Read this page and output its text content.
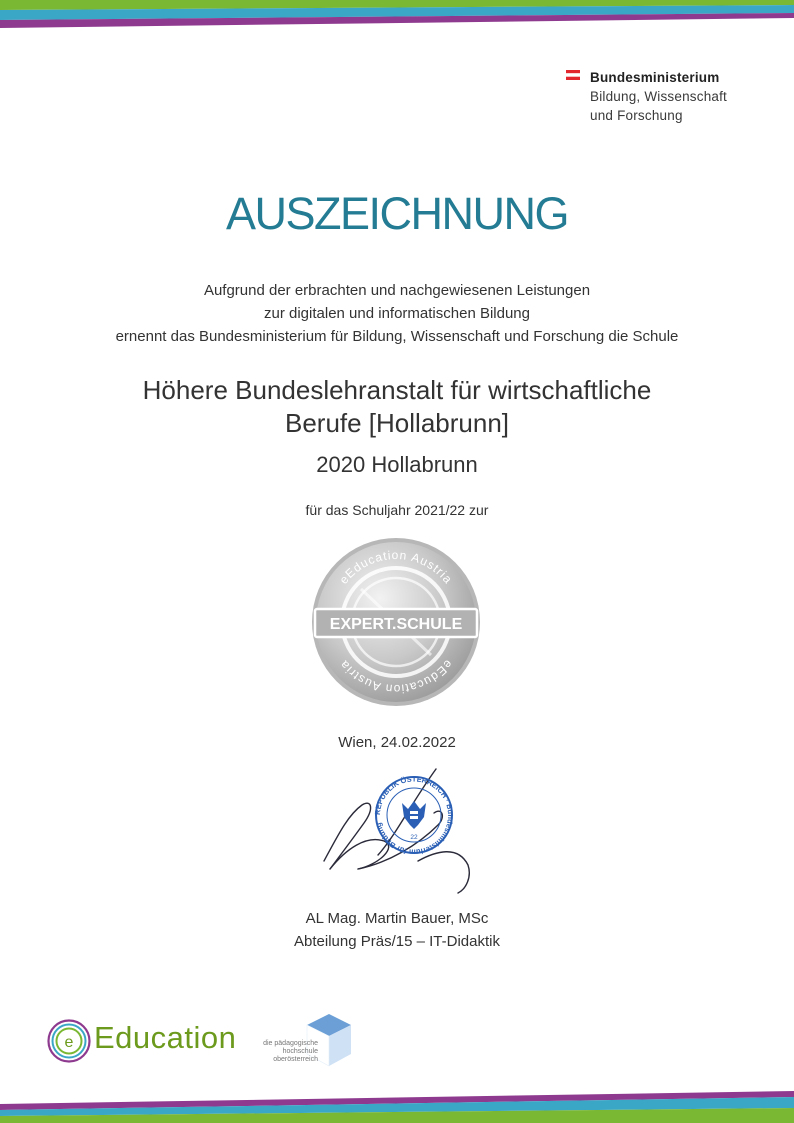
Bundesministerium
Bildung, Wissenschaft
und Forschung
AUSZEICHNUNG
Aufgrund der erbrachten und nachgewiesenen Leistungen
zur digitalen und informatischen Bildung
ernennt das Bundesministerium für Bildung, Wissenschaft und Forschung die Schule
Höhere Bundeslehranstalt für wirtschaftliche
Berufe [Hollabrunn]
2020 Hollabrunn
für das Schuljahr 2021/22 zur
eEducation Austria
eEducation Austria
EXPERT.SCHULE
Wien, 24.02.2022
REPUBLIK ÖSTERREICH · Bundesministerium für Bildung
22
AL Mag. Martin Bauer, MSc
Abteilung Präs/15 – IT-Didaktik
e Education	die pädagogische
hochschule
oberösterreich
